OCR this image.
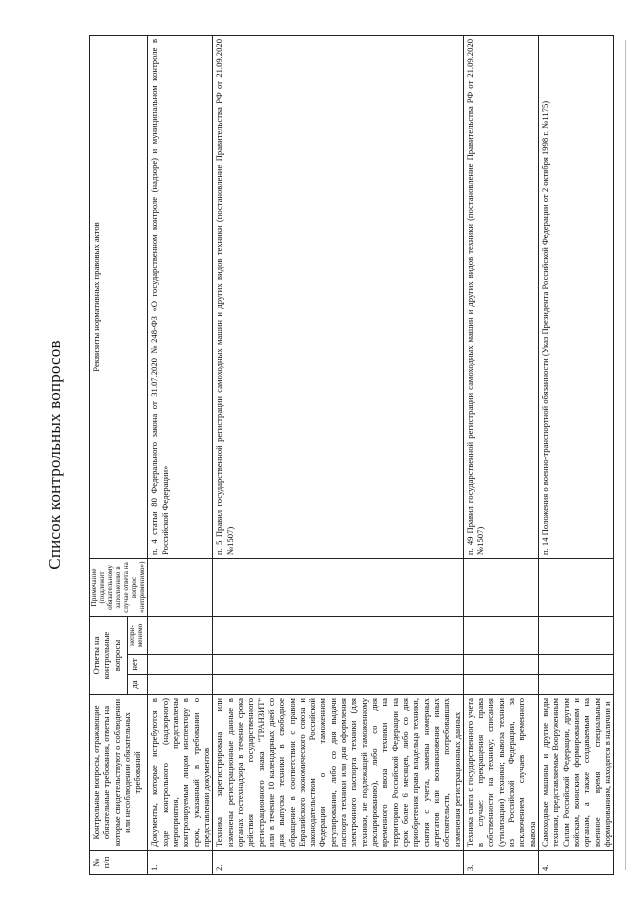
Список контрольных вопросов
№ п/п	Контрольные вопросы, отражающие обязательные требования, ответы на которые свидетельствуют о соблюдении или несоблюдении обязательных требований	Ответы на контрольные вопросы			Примечание (подлежит обязательному заполнению в случае ответа на вопрос «неприменимо»)	Реквизиты нормативных правовых актов
		да	нет	непри- менимо		
1.	Документы, которые истребуются в ходе контрольного (надзорного) мероприятия, представлены контролируемым лицом инспектору в срок, указанный в требовании о представлении документов					п. 4 статьи 80 Федерального закона от 31.07.2020 №248-ФЗ «О государственном контроле (надзоре) и муниципальном контроле в Российской Федерации»
2.	Техника зарегистрирована или изменены регистрационные данные в органах гостехнадзора в течение срока действия государственного регистрационного знака "ТРАНЗИТ" или в течение 10 календарных дней со дня выпуска техники в свободное обращение в соответствии с правом Евразийского экономического союза и законодательством Российской Федерации о таможенном регулировании, либо со дня выдачи паспорта техники или дня оформления электронного паспорта техники (для техники, не подлежащей таможенному декларированию), либо со дня временного ввоза техники на территорию Российской Федерации на срок более 6 месяцев, либо со дня приобретения права владельца техники, снятия с учета, замены номерных агрегатов или возникновения иных обстоятельств, потребовавших изменения регистрационных данных					п. 5 Правил государственной регистрации самоходных машин и других видов техники (постановление Правительства РФ от 21.09.2020 №1507)
3.	Техника снята с государственного учета в случае: прекращения права собственности на технику; списания (утилизации) техники; вывоза техники из Российской Федерации, за исключением случаев временного вывоза					п. 49 Правил государственной регистрации самоходных машин и других видов техники (постановление Правительства РФ от 21.09.2020 №1507)
4.	Самоходные машины и другие виды техники, представляемые Вооруженным Силам Российской Федерации, другим войскам, воинским формированиям и органам, а также создаваемым на военное время специальным формированиям, находятся в наличии и					п. 14 Положения о военно-транспортной обязанности (Указ Президента Российской Федерации от 2 октября 1998 г. №1175)
